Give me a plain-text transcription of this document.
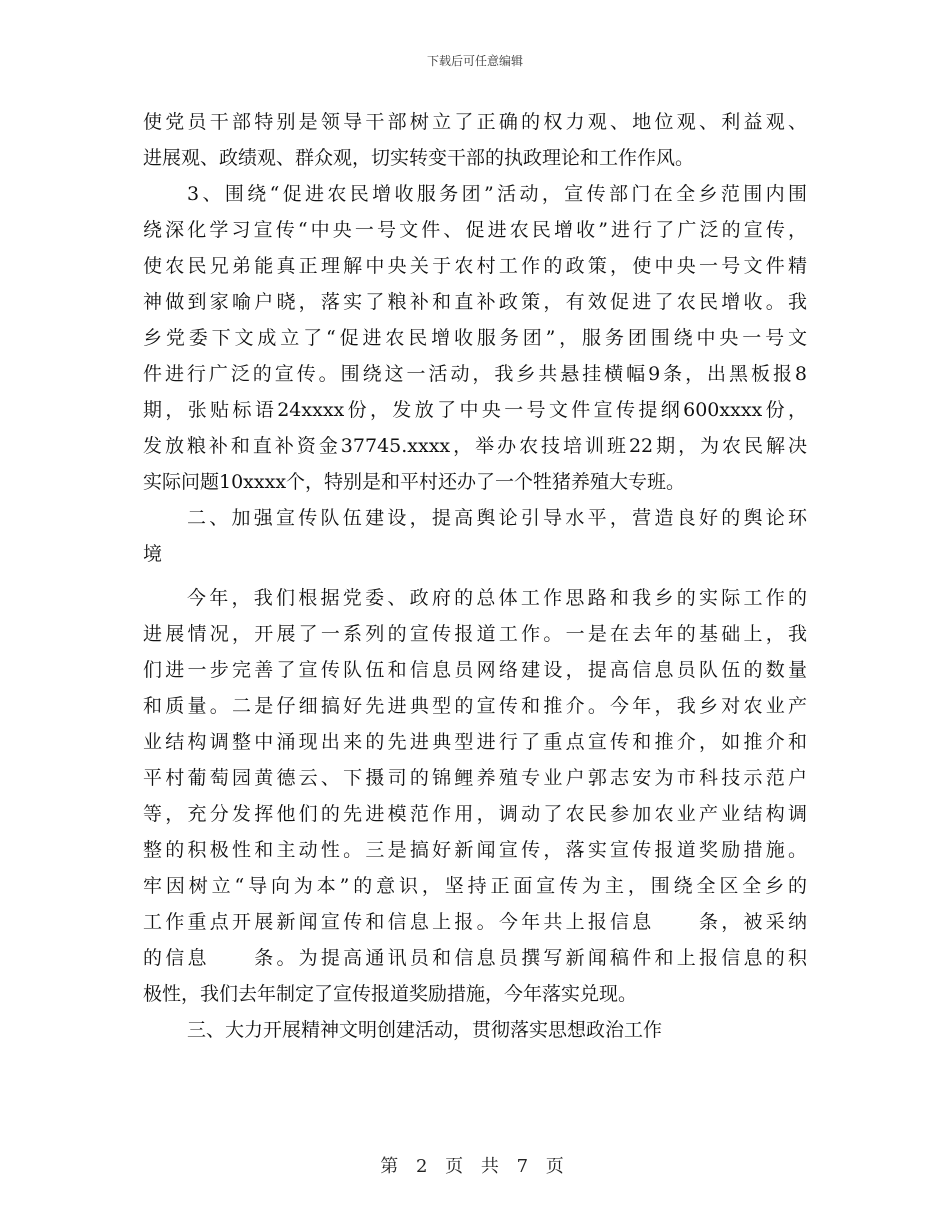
下载后可任意编辑
使党员干部特别是领导干部树立了正确的权力观、地位观、利益观、
进展观、政绩观、群众观，切实转变干部的执政理论和工作作风。
3、围绕“促进农民增收服务团”活动，宣传部门在全乡范围内围
绕深化学习宣传“中央一号文件、促进农民增收”进行了广泛的宣传，
使农民兄弟能真正理解中央关于农村工作的政策，使中央一号文件精
神做到家喻户晓，落实了粮补和直补政策，有效促进了农民增收。我
乡党委下文成立了“促进农民增收服务团”，服务团围绕中央一号文
件进行广泛的宣传。围绕这一活动，我乡共悬挂横幅9条，出黑板报8
期，张贴标语24xxxx份，发放了中央一号文件宣传提纲600xxxx份，
发放粮补和直补资金37745.xxxx，举办农技培训班22期，为农民解决
实际问题10xxxx个，特别是和平村还办了一个牲猪养殖大专班。
二、加强宣传队伍建设，提高舆论引导水平，营造良好的舆论环
境
今年，我们根据党委、政府的总体工作思路和我乡的实际工作的
进展情况，开展了一系列的宣传报道工作。一是在去年的基础上，我
们进一步完善了宣传队伍和信息员网络建设，提高信息员队伍的数量
和质量。二是仔细搞好先进典型的宣传和推介。今年，我乡对农业产
业结构调整中涌现出来的先进典型进行了重点宣传和推介，如推介和
平村葡萄园黄德云、下摄司的锦鲤养殖专业户郭志安为市科技示范户
等，充分发挥他们的先进模范作用，调动了农民参加农业产业结构调
整的积极性和主动性。三是搞好新闻宣传，落实宣传报道奖励措施。
牢因树立“导向为本”的意识，坚持正面宣传为主，围绕全区全乡的
工作重点开展新闻宣传和信息上报。今年共上报信息　　条，被采纳
的信息　　条。为提高通讯员和信息员撰写新闻稿件和上报信息的积
极性，我们去年制定了宣传报道奖励措施，今年落实兑现。
三、大力开展精神文明创建活动，贯彻落实思想政治工作
第 2 页 共 7 页
